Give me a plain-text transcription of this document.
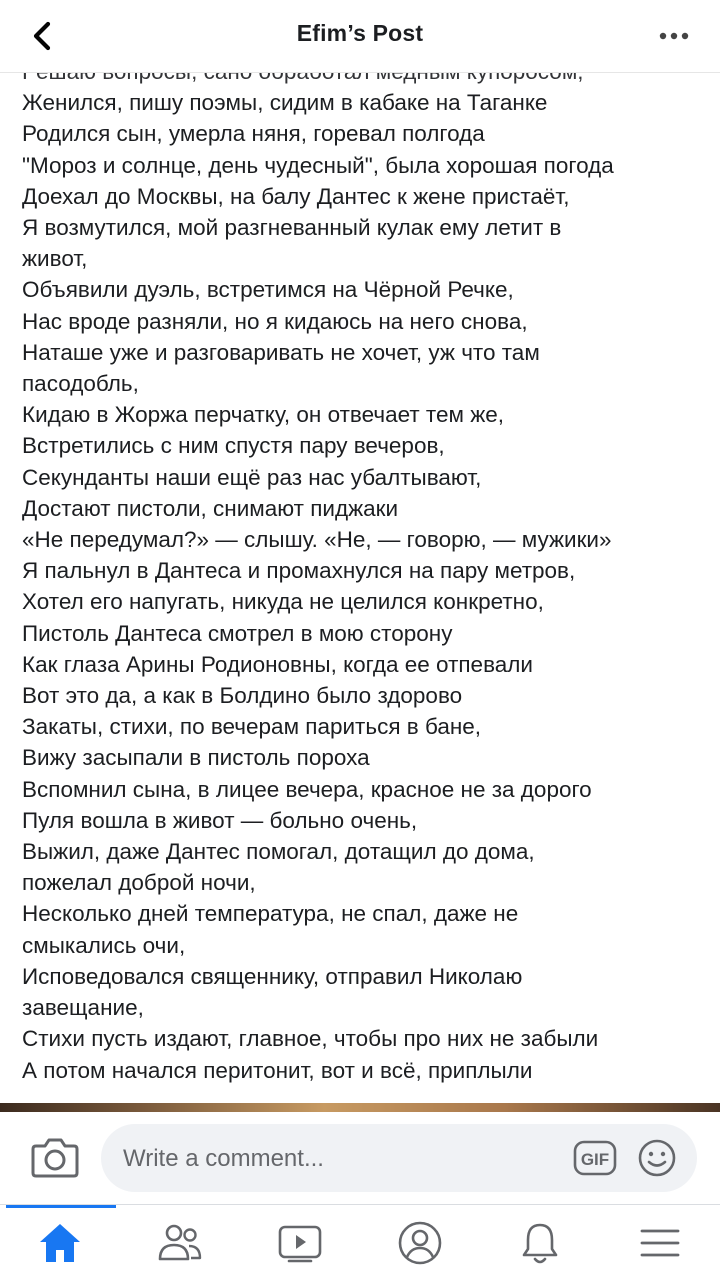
Efim’s Post
Женился, пишу поэмы, сидим в кабаке на Таганке
Родился сын, умерла няня, горевал полгода
"Мороз и солнце, день чудесный", была хорошая погода
Доехал до Москвы, на балу Дантес к жене пристаёт,
Я возмутился, мой разгневанный кулак ему летит в
живот,
Объявили дуэль, встретимся на Чёрной Речке,
Нас вроде разняли, но я кидаюсь на него снова,
Наташе уже и разговаривать не хочет, уж что там
пасодобль,
Кидаю в Жоржа перчатку, он отвечает тем же,
Встретились с ним спустя пару вечеров,
Секунданты наши ещё раз нас убалтывают,
Достают пистоли, снимают пиджаки
«Не передумал?» — слышу. «Не, — говорю, — мужики»
Я пальнул в Дантеса и промахнулся на пару метров,
Хотел его напугать, никуда не целился конкретно,
Пистоль Дантеса смотрел в мою сторону
Как глаза Арины Родионовны, когда ее отпевали
Вот это да, а как в Болдино было здорово
Закаты, стихи, по вечерам париться в бане,
Вижу засыпали в пистоль пороха
Вспомнил сына, в лицее вечера, красное не за дорого
Пуля вошла в живот — больно очень,
Выжил, даже Дантес помогал, дотащил до дома,
пожелал доброй ночи,
Несколько дней температура, не спал, даже не
смыкались очи,
Исповедовался священнику, отправил Николаю
завещание,
Стихи пусть издают, главное, чтобы про них не забыли
А потом начался перитонит, вот и всё, приплыли
Write a comment...	GIF
